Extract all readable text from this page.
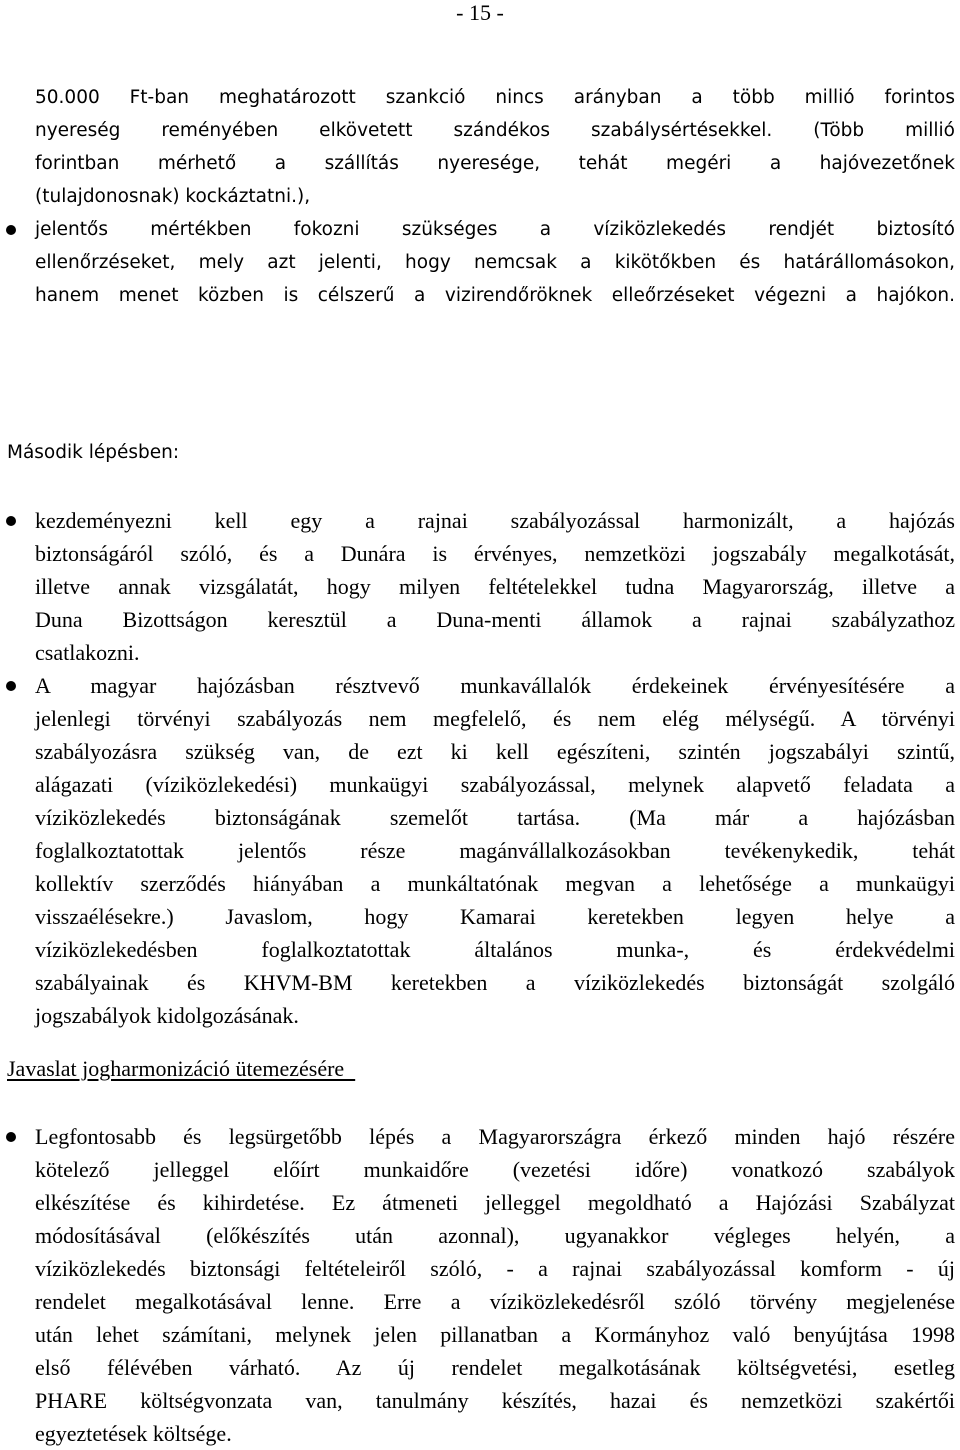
- 15 -
50.000 Ft-ban meghatározott szankció nincs arányban a több millió forintos
nyereség reményében elkövetett szándékos szabálysértésekkel. (Több millió
forintban mérhető a szállítás nyeresége, tehát megéri a hajóvezetőnek
(tulajdonosnak) kockáztatni.),
jelentős mértékben fokozni szükséges a víziközlekedés rendjét biztosító
ellenőrzéseket, mely azt jelenti, hogy nemcsak a kikötőkben és határállomásokon,
hanem menet közben is célszerű a vizirendőröknek elleőrzéseket végezni a hajókon.
Második lépésben:
kezdeményezni kell egy a rajnai szabályozással harmonizált, a hajózás
biztonságáról szóló, és a Dunára is érvényes, nemzetközi jogszabály megalkotását,
illetve annak vizsgálatát, hogy milyen feltételekkel tudna Magyarország, illetve a
Duna Bizottságon keresztül a Duna-menti államok a rajnai szabályzathoz
csatlakozni.
A magyar hajózásban résztvevő munkavállalók érdekeinek érvényesítésére a
jelenlegi törvényi szabályozás nem megfelelő, és nem elég mélységű. A törvényi
szabályozásra szükség van, de ezt ki kell egészíteni, szintén jogszabályi szintű,
alágazati (víziközlekedési) munkaügyi szabályozással, melynek alapvető feladata a
víziközlekedés biztonságának szemelőt tartása. (Ma már a hajózásban
foglalkoztatottak jelentős része magánvállalkozásokban tevékenykedik, tehát
kollektív szerződés hiányában a munkáltatónak megvan a lehetősége a munkaügyi
visszaélésekre.) Javaslom, hogy Kamarai keretekben legyen helye a
víziközlekedésben foglalkoztatottak általános munka-, és érdekvédelmi
szabályainak és KHVM-BM keretekben a víziközlekedés biztonságát szolgáló
jogszabályok kidolgozásának.
Javaslat jogharmonizáció ütemezésére
Legfontosabb és legsürgetőbb lépés a Magyarországra érkező minden hajó részére
kötelező jelleggel előírt munkaidőre (vezetési időre) vonatkozó szabályok
elkészítése és kihirdetése. Ez átmeneti jelleggel megoldható a Hajózási Szabályzat
módosításával (előkészítés után azonnal), ugyanakkor végleges helyén, a
víziközlekedés biztonsági feltételeiről szóló, - a rajnai szabályozással komform - új
rendelet megalkotásával lenne. Erre a víziközlekedésről szóló törvény megjelenése
után lehet számítani, melynek jelen pillanatban a Kormányhoz való benyújtása 1998
első félévében várható. Az új rendelet megalkotásának költségvetési, esetleg
PHARE költségvonzata van, tanulmány készítés, hazai és nemzetközi szakértői
egyeztetések költsége.
